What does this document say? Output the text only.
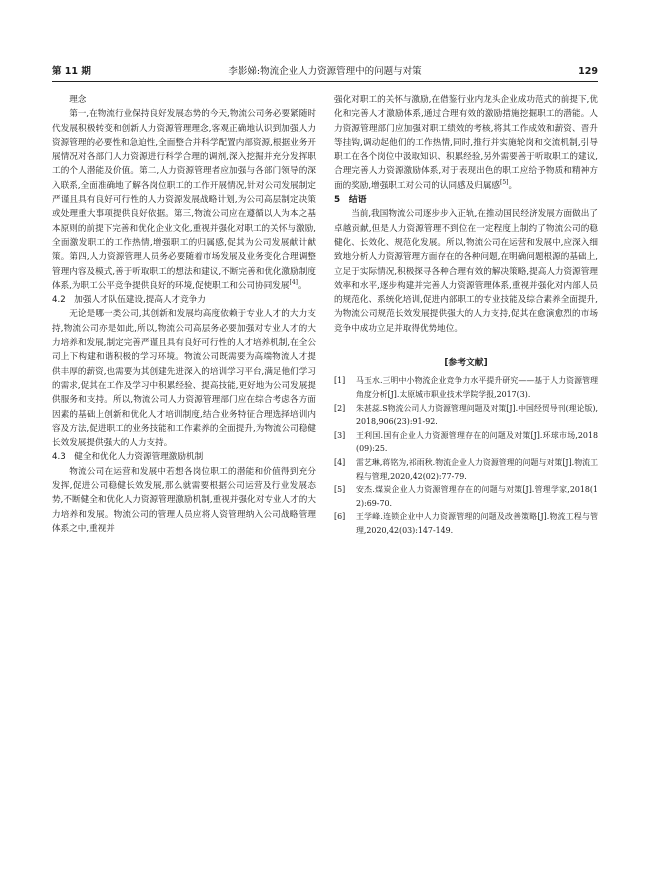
第 11 期	李影娣:物流企业人力资源管理中的问题与对策	129

理念

第一,在物流行业保持良好发展态势的今天,物流公司务必要紧随时代发展积极转变和创新人力资源管理理念,客观正确地认识到加强人力资源管理的必要性和急迫性,全面整合并科学配置内部资源,根据业务开展情况对各部门人力资源进行科学合理的调剂,深入挖掘并充分发挥职工的个人潜能及价值。第二,人力资源管理者应加强与各部门领导的深入联系,全面准确地了解各岗位职工的工作开展情况,针对公司发展制定严谨且具有良好可行性的人力资源发展战略计划,为公司高层制定决策或处理重大事项提供良好依据。第三,物流公司应在遵循以人为本之基本原则的前提下完善和优化企业文化,重视并强化对职工的关怀与激励,全面激发职工的工作热情,增强职工的归属感,促其为公司发展献计献策。第四,人力资源管理人员务必要随着市场发展及业务变化合理调整管理内容及模式,善于听取职工的想法和建议,不断完善和优化激励制度体系,为职工公平竞争提供良好的环境,促使职工和公司协同发展[4]。

4.2　加强人才队伍建设,提高人才竞争力

无论是哪一类公司,其创新和发展均高度依赖于专业人才的大力支持,物流公司亦是如此,所以,物流公司高层务必要加强对专业人才的大力培养和发展,制定完善严谨且具有良好可行性的人才培养机制,在全公司上下构建和谐积极的学习环境。物流公司既需要为高端物流人才提供丰厚的薪资,也需要为其创建先进深入的培训学习平台,满足他们学习的需求,促其在工作及学习中积累经验、提高技能,更好地为公司发展提供服务和支持。所以,物流公司人力资源管理部门应在综合考虑各方面因素的基础上创新和优化人才培训制度,结合业务特征合理选择培训内容及方法,促进职工的业务技能和工作素养的全面提升,为物流公司稳健长效发展提供强大的人力支持。

4.3　健全和优化人力资源管理激励机制

物流公司在运营和发展中若想各岗位职工的潜能和价值得到充分发挥,促进公司稳健长效发展,那么就需要根据公司运营及行业发展态势,不断健全和优化人力资源管理激励机制,重视并强化对专业人才的大力培养和发展。物流公司的管理人员应将人资管理纳入公司战略管理体系之中,重视并

强化对职工的关怀与激励,在借鉴行业内龙头企业成功范式的前提下,优化和完善人才激励体系,通过合理有效的激励措施挖掘职工的潜能。人力资源管理部门应加强对职工绩效的考核,将其工作成效和薪资、晋升等挂钩,调动起他们的工作热情,同时,推行并实施轮岗和交流机制,引导职工在各个岗位中汲取知识、积累经验,另外需要善于听取职工的建议,合理完善人力资源激励体系,对于表现出色的职工应给予物质和精神方面的奖励,增强职工对公司的认同感及归属感[5]。

5　结语

当前,我国物流公司逐步步入正轨,在推动国民经济发展方面做出了卓越贡献,但是人力资源管理不到位在一定程度上制约了物流公司的稳健化、长效化、规范化发展。所以,物流公司在运营和发展中,应深入细致地分析人力资源管理方面存在的各种问题,在明确问题根源的基础上,立足于实际情况,积极探寻各种合理有效的解决策略,提高人力资源管理效率和水平,逐步构建并完善人力资源管理体系,重视并强化对内部人员的规范化、系统化培训,促进内部职工的专业技能及综合素养全面提升,为物流公司规范长效发展提供强大的人力支持,促其在愈演愈烈的市场竞争中成功立足并取得优势地位。

[参考文献]
[1]	马玉水.三明中小物流企业竞争力水平提升研究——基于人力资源管理角度分析[J].太原城市职业技术学院学报,2017(3).
[2]	朱甚蕊.S物流公司人力资源管理问题及对策[J].中国经贸导刊(理论版),2018,906(23):91-92.
[3]	王利国.国有企业人力资源管理存在的问题及对策[J].环球市场,2018(09):25.
[4]	雷艺琳,蒋铭为,祁雨秋.物流企业人力资源管理的问题与对策[J].物流工程与管理,2020,42(02):77-79.
[5]	安杰.煤炭企业人力资源管理存在的问题与对策[J].管理学家,2018(12):69-70.
[6]	王学峰.连锁企业中人力资源管理的问题及改善策略[J].物流工程与管理,2020,42(03):147-149.
